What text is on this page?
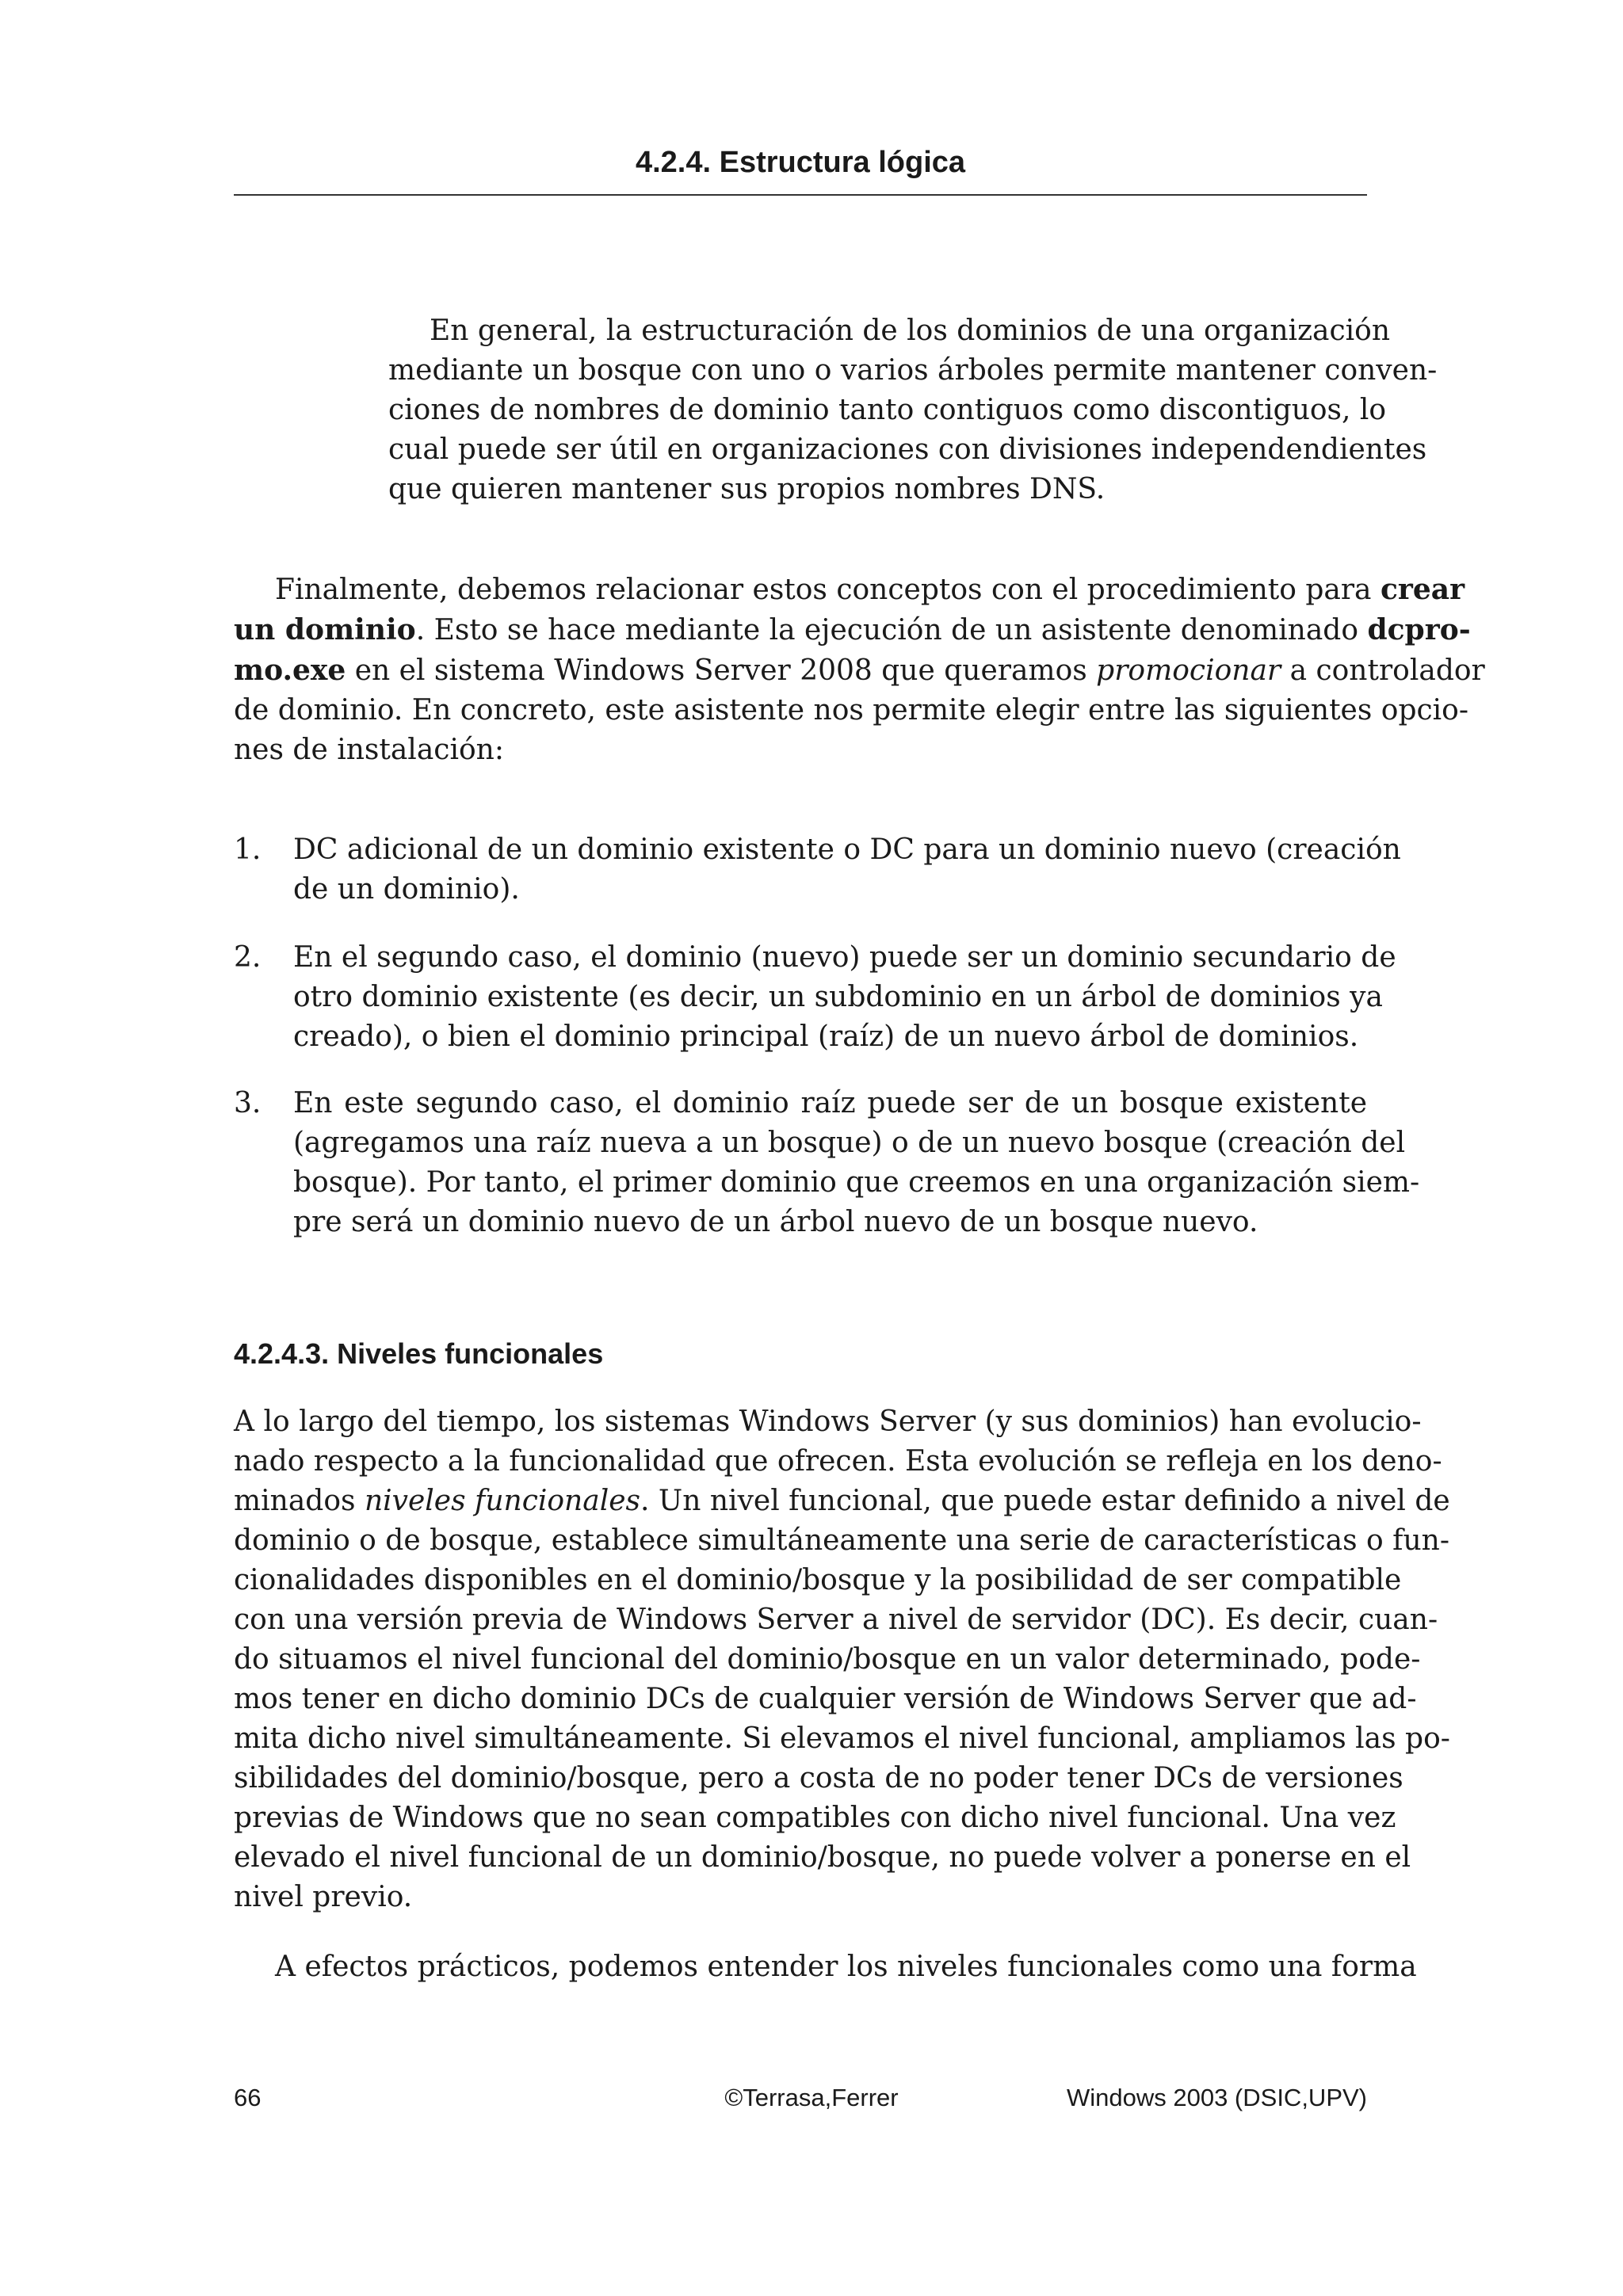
4.2.4. Estructura lógica

En general, la estructuración de los dominios de una organización
mediante un bosque con uno o varios árboles permite mantener conven-
ciones de nombres de dominio tanto contiguos como discontiguos, lo
cual puede ser útil en organizaciones con divisiones independendientes
que quieren mantener sus propios nombres DNS.

Finalmente, debemos relacionar estos conceptos con el procedimiento para crear
un dominio. Esto se hace mediante la ejecución de un asistente denominado dcpro-
mo.exe en el sistema Windows Server 2008 que queramos promocionar a controlador
de dominio. En concreto, este asistente nos permite elegir entre las siguientes opcio-
nes de instalación:

1. DC adicional de un dominio existente o DC para un dominio nuevo (creación
de un dominio).

2. En el segundo caso, el dominio (nuevo) puede ser un dominio secundario de
otro dominio existente (es decir, un subdominio en un árbol de dominios ya
creado), o bien el dominio principal (raíz) de un nuevo árbol de dominios.

3. En este segundo caso, el dominio raíz puede ser de un bosque existente
(agregamos una raíz nueva a un bosque) o de un nuevo bosque (creación del
bosque). Por tanto, el primer dominio que creemos en una organización siem-
pre será un dominio nuevo de un árbol nuevo de un bosque nuevo.

4.2.4.3. Niveles funcionales

A lo largo del tiempo, los sistemas Windows Server (y sus dominios) han evolucio-
nado respecto a la funcionalidad que ofrecen. Esta evolución se refleja en los deno-
minados niveles funcionales. Un nivel funcional, que puede estar definido a nivel de
dominio o de bosque, establece simultáneamente una serie de características o fun-
cionalidades disponibles en el dominio/bosque y la posibilidad de ser compatible
con una versión previa de Windows Server a nivel de servidor (DC). Es decir, cuan-
do situamos el nivel funcional del dominio/bosque en un valor determinado, pode-
mos tener en dicho dominio DCs de cualquier versión de Windows Server que ad-
mita dicho nivel simultáneamente. Si elevamos el nivel funcional, ampliamos las po-
sibilidades del dominio/bosque, pero a costa de no poder tener DCs de versiones
previas de Windows que no sean compatibles con dicho nivel funcional. Una vez
elevado el nivel funcional de un dominio/bosque, no puede volver a ponerse en el
nivel previo.

A efectos prácticos, podemos entender los niveles funcionales como una forma

66	©Terrasa,Ferrer	Windows 2003 (DSIC,UPV)
